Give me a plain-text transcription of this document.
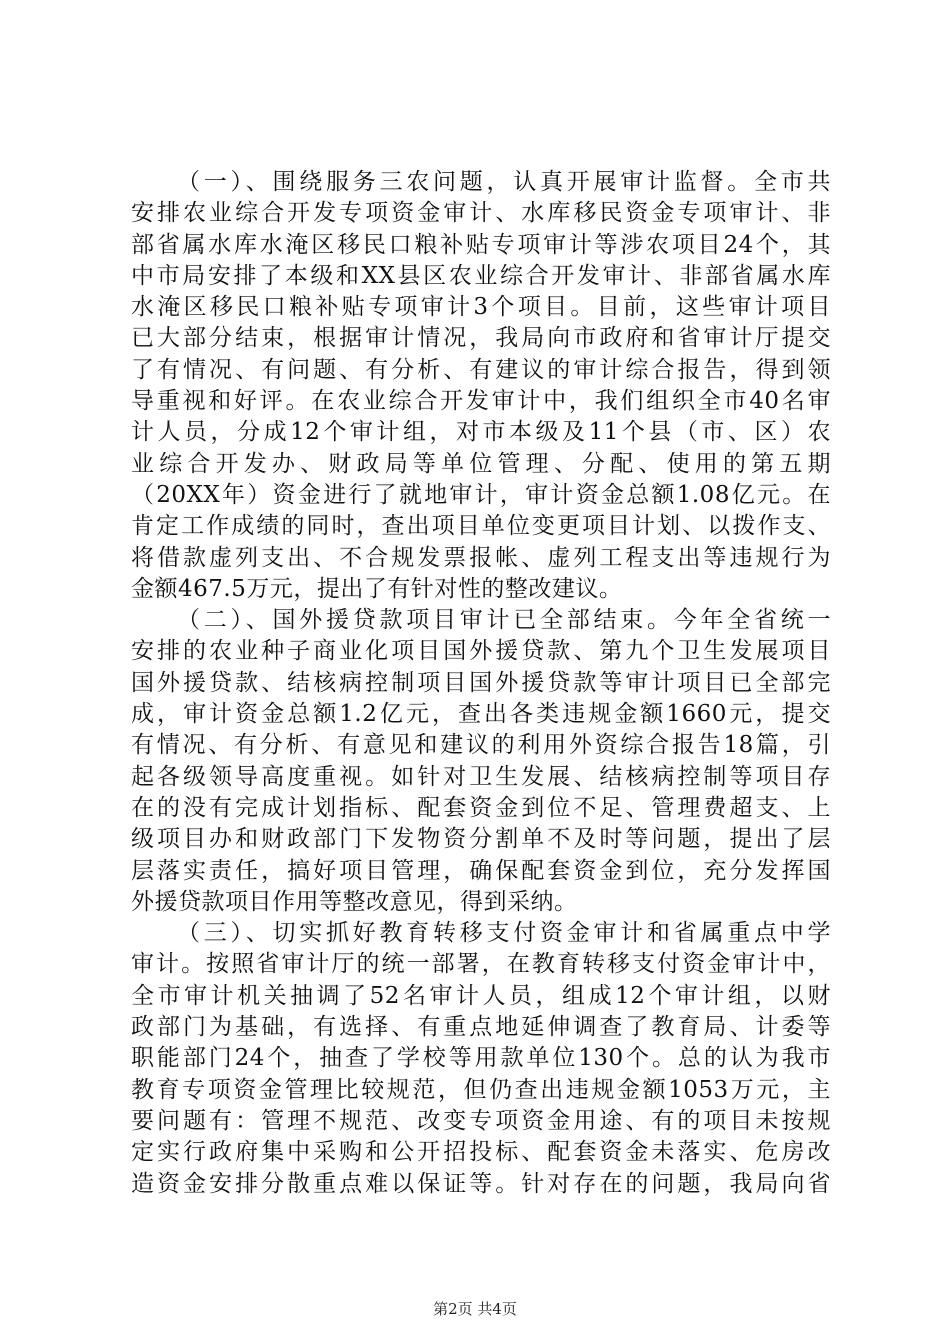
（一）、围绕服务三农问题，认真开展审计监督。全市共
安排农业综合开发专项资金审计、水库移民资金专项审计、非
部省属水库水淹区移民口粮补贴专项审计等涉农项目24个，其
中市局安排了本级和XX县区农业综合开发审计、非部省属水库
水淹区移民口粮补贴专项审计3个项目。目前，这些审计项目
已大部分结束，根据审计情况，我局向市政府和省审计厅提交
了有情况、有问题、有分析、有建议的审计综合报告，得到领
导重视和好评。在农业综合开发审计中，我们组织全市40名审
计人员，分成12个审计组，对市本级及11个县（市、区）农
业综合开发办、财政局等单位管理、分配、使用的第五期
（20XX年）资金进行了就地审计，审计资金总额1.08亿元。在
肯定工作成绩的同时，查出项目单位变更项目计划、以拨作支、
将借款虚列支出、不合规发票报帐、虚列工程支出等违规行为
金额467.5万元，提出了有针对性的整改建议。
（二）、国外援贷款项目审计已全部结束。今年全省统一
安排的农业种子商业化项目国外援贷款、第九个卫生发展项目
国外援贷款、结核病控制项目国外援贷款等审计项目已全部完
成，审计资金总额1.2亿元，查出各类违规金额1660元，提交
有情况、有分析、有意见和建议的利用外资综合报告18篇，引
起各级领导高度重视。如针对卫生发展、结核病控制等项目存
在的没有完成计划指标、配套资金到位不足、管理费超支、上
级项目办和财政部门下发物资分割单不及时等问题，提出了层
层落实责任，搞好项目管理，确保配套资金到位，充分发挥国
外援贷款项目作用等整改意见，得到采纳。
（三）、切实抓好教育转移支付资金审计和省属重点中学
审计。按照省审计厅的统一部署，在教育转移支付资金审计中，
全市审计机关抽调了52名审计人员，组成12个审计组，以财
政部门为基础，有选择、有重点地延伸调查了教育局、计委等
职能部门24个，抽查了学校等用款单位130个。总的认为我市
教育专项资金管理比较规范，但仍查出违规金额1053万元，主
要问题有：管理不规范、改变专项资金用途、有的项目未按规
定实行政府集中采购和公开招投标、配套资金未落实、危房改
造资金安排分散重点难以保证等。针对存在的问题，我局向省
第2页 共4页
